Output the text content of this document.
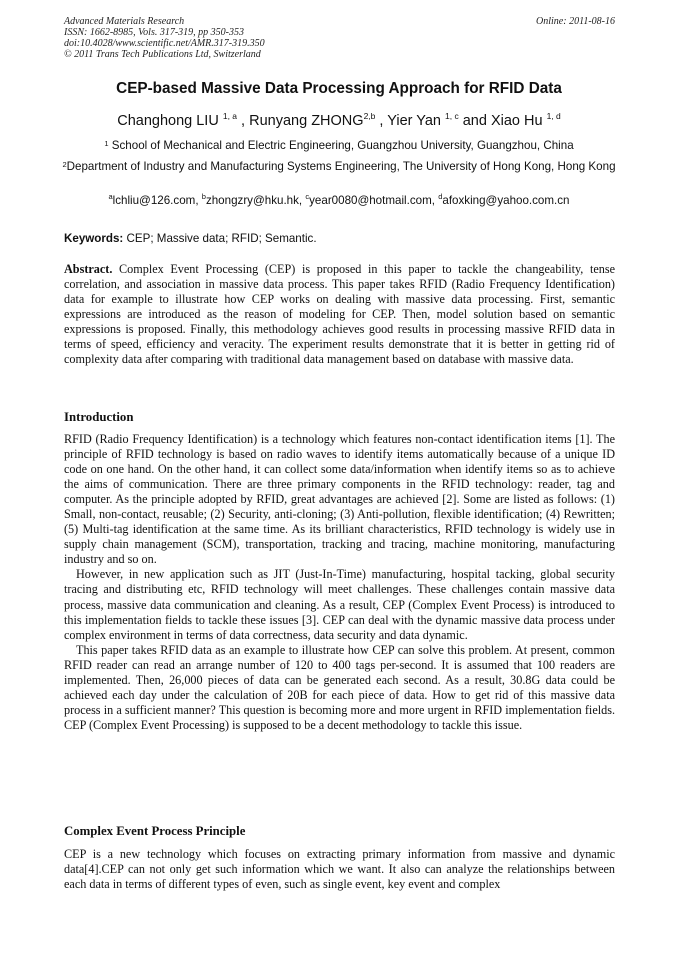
Advanced Materials Research
ISSN: 1662-8985, Vols. 317-319, pp 350-353
doi:10.4028/www.scientific.net/AMR.317-319.350
© 2011 Trans Tech Publications Ltd, Switzerland
Online: 2011-08-16
CEP-based Massive Data Processing Approach for RFID Data
Changhong LIU $^{1, a}$ , Runyang ZHONG$^{2,b}$ , Yier Yan $^{1, c}$ and Xiao Hu $^{1, d}$
$^1$ School of Mechanical and Electric Engineering, Guangzhou University, Guangzhou, China
$^2$Department of Industry and Manufacturing Systems Engineering, The University of Hong Kong, Hong Kong
$^a$lchliu@126.com, $^b$zhongzry@hku.hk, $^c$year0080@hotmail.com, $^d$afoxking@yahoo.com.cn
Keywords: CEP; Massive data; RFID; Semantic.

Abstract. Complex Event Processing (CEP) is proposed in this paper to tackle the changeability, tense correlation, and association in massive data process. This paper takes RFID (Radio Frequency Identification) data for example to illustrate how CEP works on dealing with massive data processing. First, semantic expressions are introduced as the reason of modeling for CEP. Then, model solution based on semantic expressions is proposed. Finally, this methodology achieves good results in processing massive RFID data in terms of speed, efficiency and veracity. The experiment results demonstrate that it is better in getting rid of complexity data after comparing with traditional data management based on database with massive data.

Introduction

RFID (Radio Frequency Identification) is a technology which features non-contact identification items [1]. The principle of RFID technology is based on radio waves to identify items automatically because of a unique ID code on one hand. On the other hand, it can collect some data/information when identify items so as to achieve the aims of communication. There are three primary components in the RFID technology: reader, tag and computer. As the principle adopted by RFID, great advantages are achieved [2]. Some are listed as follows: (1) Small, non-contact, reusable; (2) Security, anti-cloning; (3) Anti-pollution, flexible identification; (4) Rewritten; (5) Multi-tag identification at the same time. As its brilliant characteristics, RFID technology is widely use in supply chain management (SCM), transportation, tracking and tracing, machine monitoring, manufacturing industry and so on.

However, in new application such as JIT (Just-In-Time) manufacturing, hospital tacking, global security tracing and distributing etc, RFID technology will meet challenges. These challenges contain massive data process, massive data communication and cleaning. As a result, CEP (Complex Event Process) is introduced to this implementation fields to tackle these issues [3]. CEP can deal with the dynamic massive data process under complex environment in terms of data correctness, data security and data dynamic.

This paper takes RFID data as an example to illustrate how CEP can solve this problem. At present, common RFID reader can read an arrange number of 120 to 400 tags per-second. It is assumed that 100 readers are implemented. Then, 26,000 pieces of data can be generated each second. As a result, 30.8G data could be achieved each day under the calculation of 20B for each piece of data. How to get rid of this massive data process in a sufficient manner? This question is becoming more and more urgent in RFID implementation fields. CEP (Complex Event Processing) is supposed to be a decent methodology to tackle this issue.

Complex Event Process Principle

CEP is a new technology which focuses on extracting primary information from massive and dynamic data[4].CEP can not only get such information which we want. It also can analyze the relationships between each data in terms of different types of even, such as single event, key event and complex
